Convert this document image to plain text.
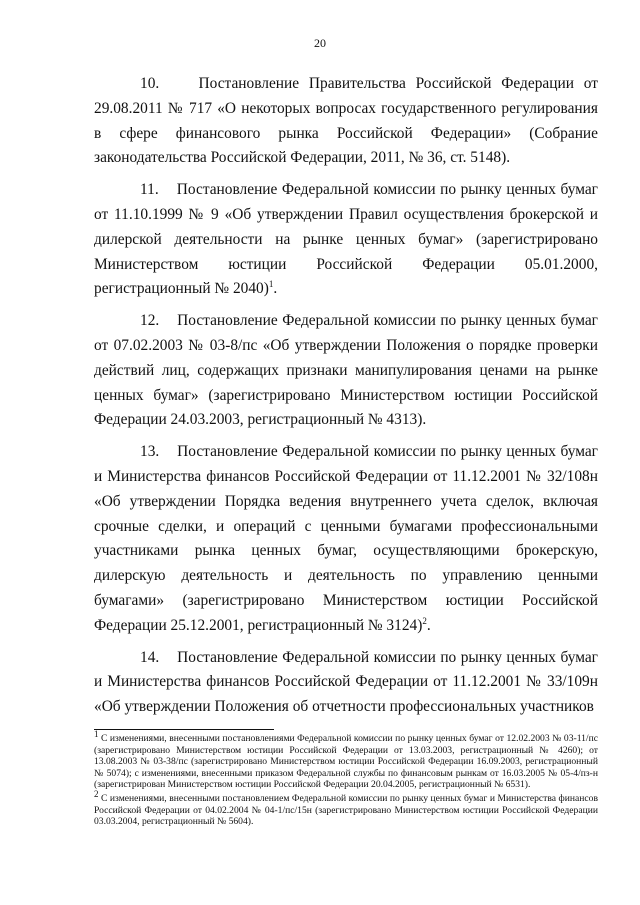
20

10.    Постановление Правительства Российской Федерации от 29.08.2011 № 717 «О некоторых вопросах государственного регулирования в сфере финансового рынка Российской Федерации» (Собрание законодательства Российской Федерации, 2011, № 36, ст. 5148).

11.    Постановление Федеральной комиссии по рынку ценных бумаг от 11.10.1999 № 9 «Об утверждении Правил осуществления брокерской и дилерской деятельности на рынке ценных бумаг» (зарегистрировано Министерством юстиции Российской Федерации 05.01.2000, регистрационный № 2040)$^1$.

12.    Постановление Федеральной комиссии по рынку ценных бумаг от 07.02.2003 № 03-8/пс «Об утверждении Положения о порядке проверки действий лиц, содержащих признаки манипулирования ценами на рынке ценных бумаг» (зарегистрировано Министерством юстиции Российской Федерации 24.03.2003, регистрационный № 4313).

13.    Постановление Федеральной комиссии по рынку ценных бумаг и Министерства финансов Российской Федерации от 11.12.2001 № 32/108н «Об утверждении Порядка ведения внутреннего учета сделок, включая срочные сделки, и операций с ценными бумагами профессиональными участниками рынка ценных бумаг, осуществляющими брокерскую, дилерскую деятельность и деятельность по управлению ценными бумагами» (зарегистрировано Министерством юстиции Российской Федерации 25.12.2001, регистрационный № 3124)$^2$.

14.    Постановление Федеральной комиссии по рынку ценных бумаг и Министерства финансов Российской Федерации от 11.12.2001 № 33/109н «Об утверждении Положения об отчетности профессиональных участников

$^1$ С изменениями, внесенными постановлениями Федеральной комиссии по рынку ценных бумаг от 12.02.2003 № 03-11/пс (зарегистрировано Министерством юстиции Российской Федерации от 13.03.2003, регистрационный № 4260); от 13.08.2003 № 03-38/пс (зарегистрировано Министерством юстиции Российской Федерации 16.09.2003, регистрационный № 5074); с изменениями, внесенными приказом Федеральной службы по финансовым рынкам от 16.03.2005 № 05-4/пз-н (зарегистрирован Министерством юстиции Российской Федерации 20.04.2005, регистрационный № 6531).

$^2$ С изменениями, внесенными постановлением Федеральной комиссии по рынку ценных бумаг и Министерства финансов Российской Федерации от 04.02.2004 № 04-1/пс/15н (зарегистрировано Министерством юстиции Российской Федерации 03.03.2004, регистрационный № 5604).
